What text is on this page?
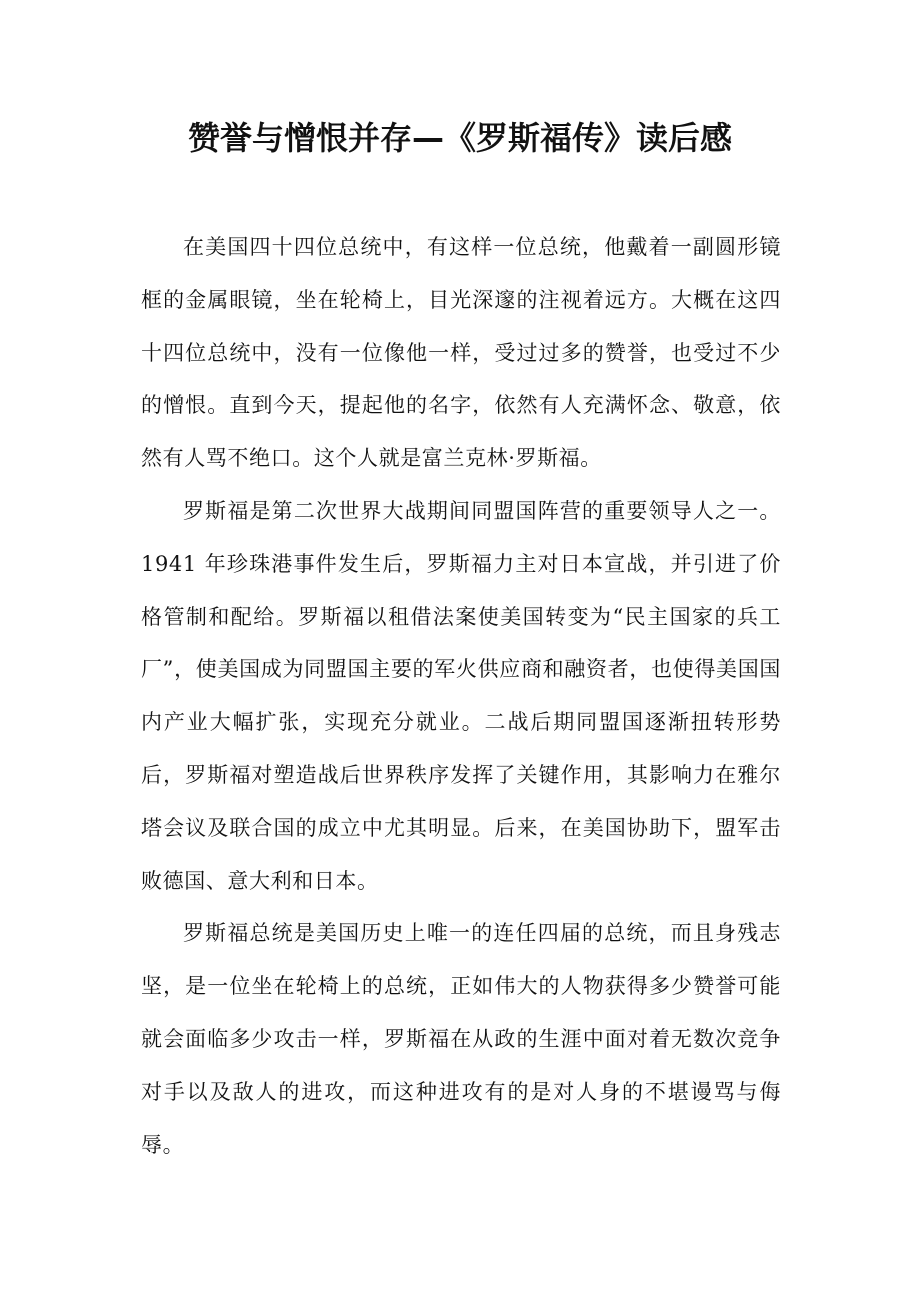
赞誉与憎恨并存—《罗斯福传》读后感

在美国四十四位总统中，有这样一位总统，他戴着一副圆形镜框的金属眼镜，坐在轮椅上，目光深邃的注视着远方。大概在这四十四位总统中，没有一位像他一样，受过过多的赞誉，也受过不少的憎恨。直到今天，提起他的名字，依然有人充满怀念、敬意，依然有人骂不绝口。这个人就是富兰克林·罗斯福。

罗斯福是第二次世界大战期间同盟国阵营的重要领导人之一。1941 年珍珠港事件发生后，罗斯福力主对日本宣战，并引进了价格管制和配给。罗斯福以租借法案使美国转变为“民主国家的兵工厂”，使美国成为同盟国主要的军火供应商和融资者，也使得美国国内产业大幅扩张，实现充分就业。二战后期同盟国逐渐扭转形势后，罗斯福对塑造战后世界秩序发挥了关键作用，其影响力在雅尔塔会议及联合国的成立中尤其明显。后来，在美国协助下，盟军击败德国、意大利和日本。

罗斯福总统是美国历史上唯一的连任四届的总统，而且身残志坚，是一位坐在轮椅上的总统，正如伟大的人物获得多少赞誉可能就会面临多少攻击一样，罗斯福在从政的生涯中面对着无数次竞争对手以及敌人的进攻，而这种进攻有的是对人身的不堪谩骂与侮辱。
